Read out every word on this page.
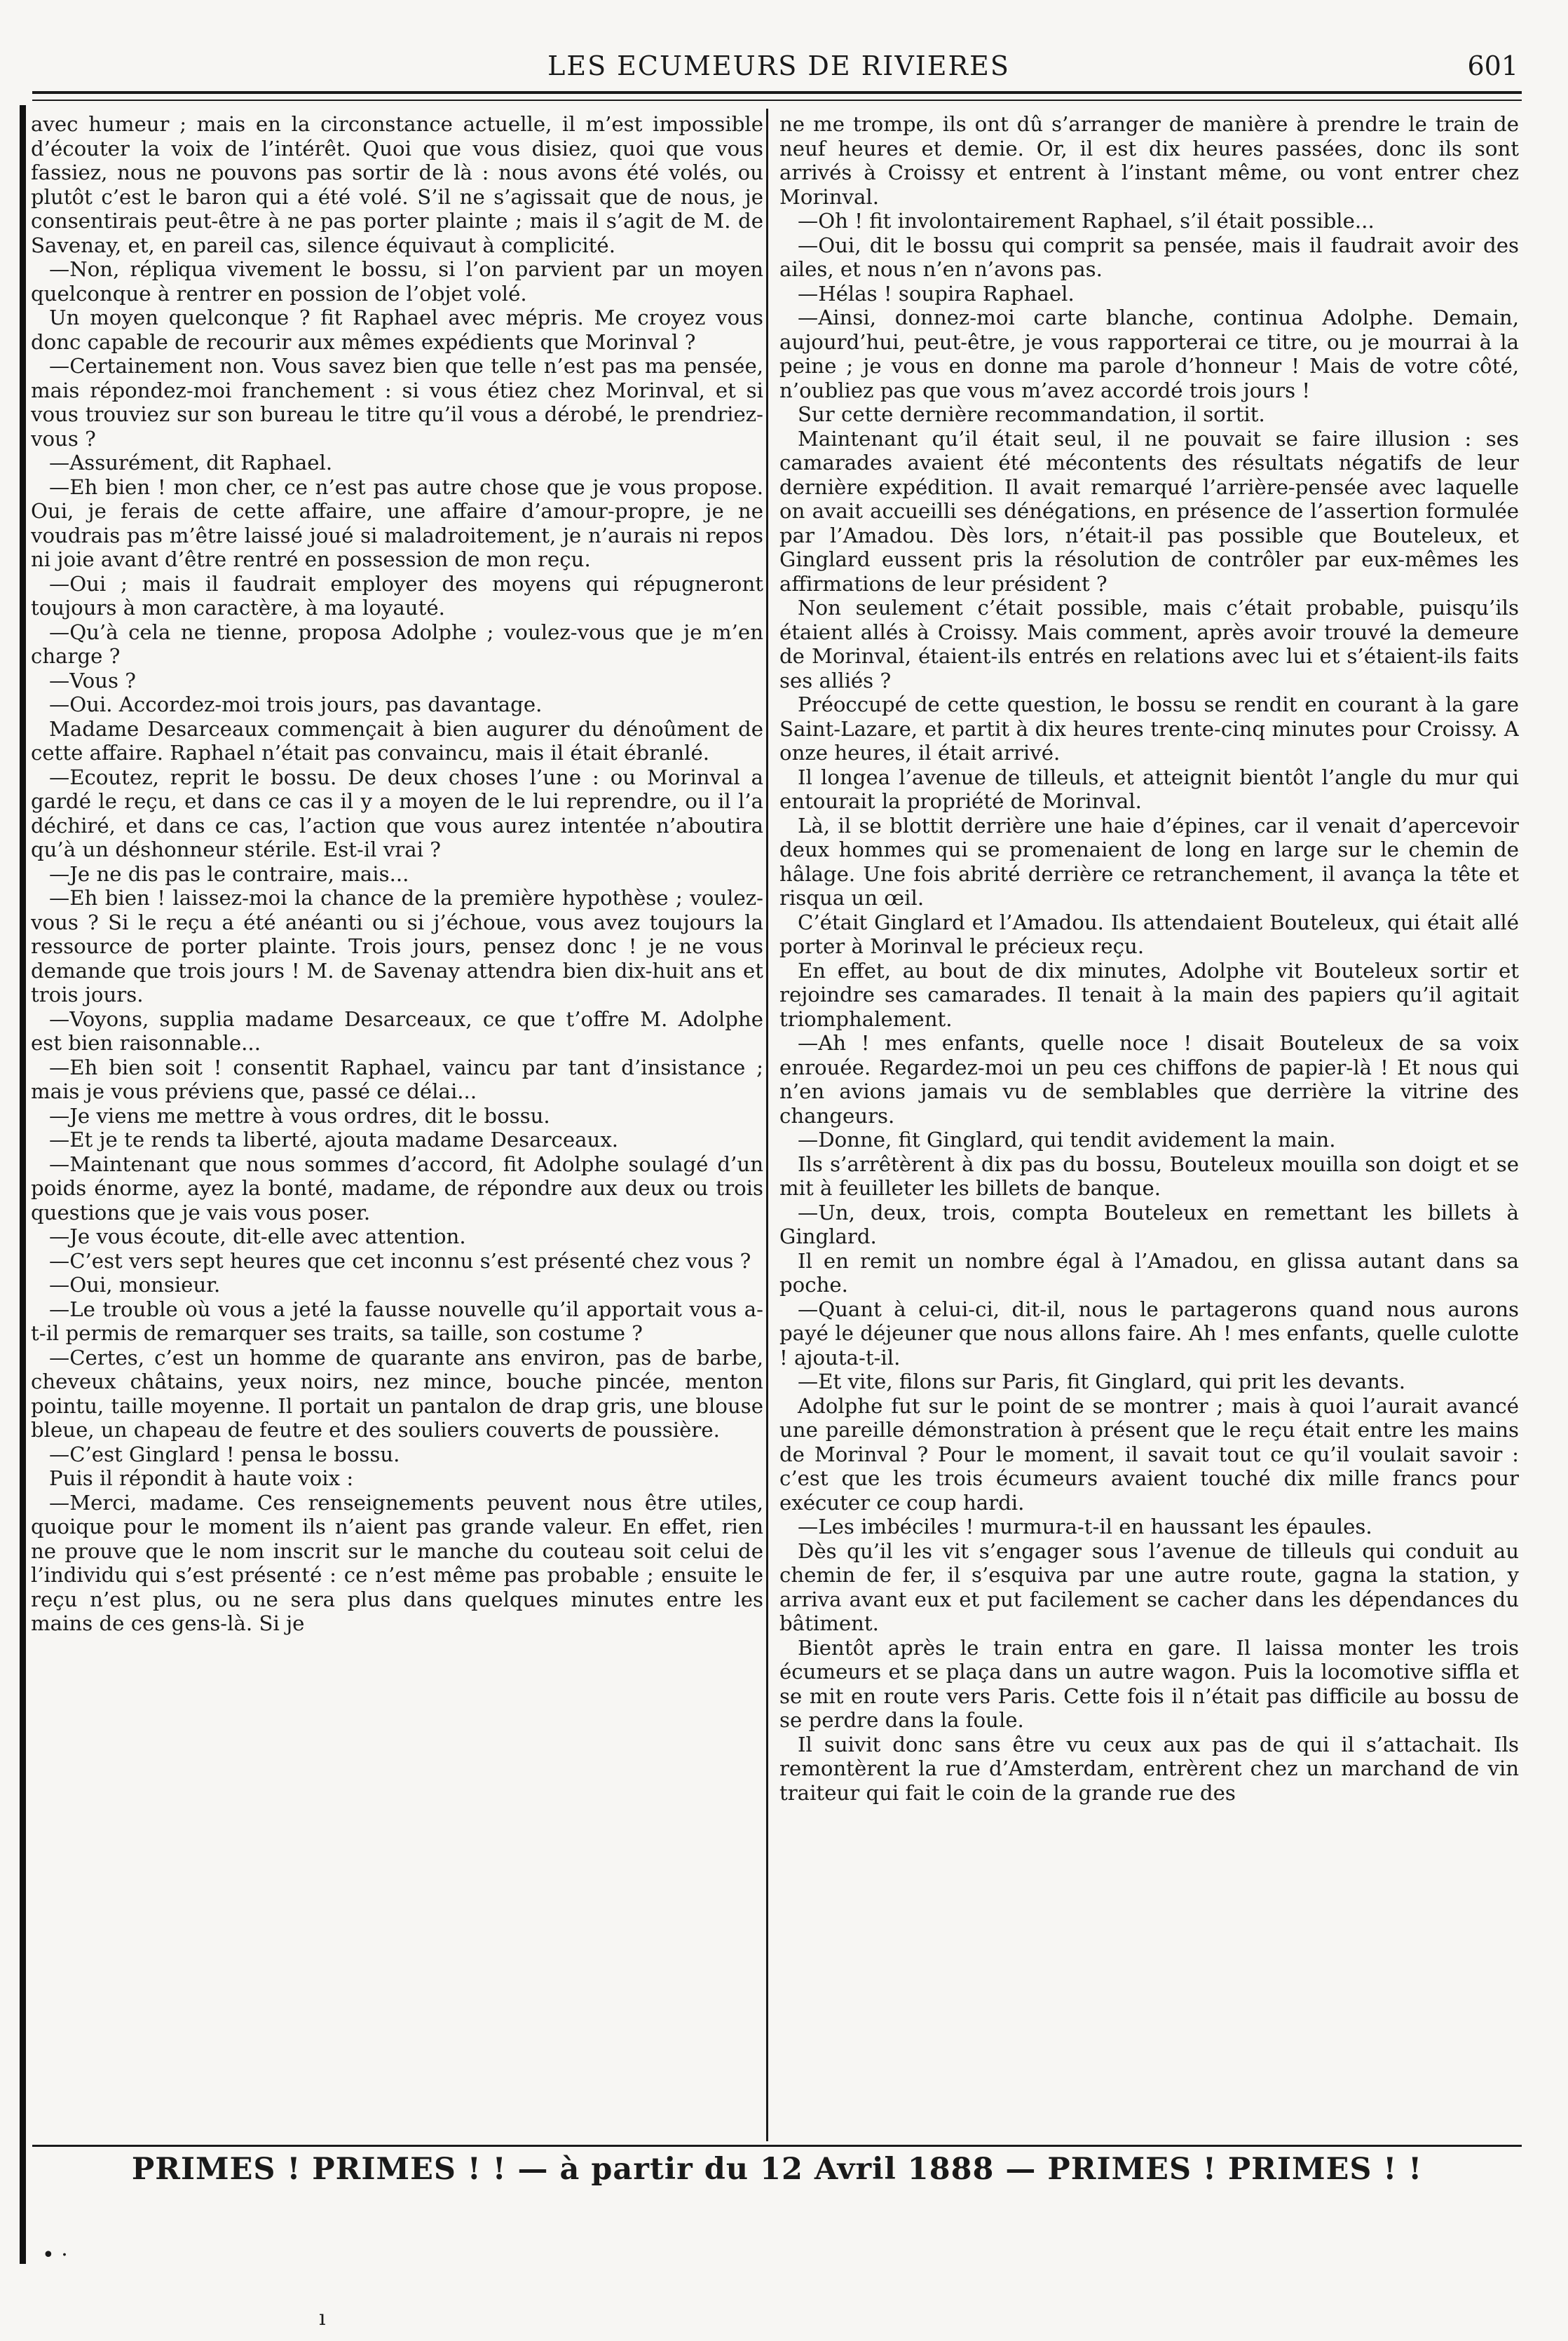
LES ECUMEURS DE RIVIERES	601

avec humeur ; mais en la circonstance actuelle, il m’est impossible d’écouter la voix de l’intérêt. Quoi que vous disiez, quoi que vous fassiez, nous ne pouvons pas sortir de là : nous avons été volés, ou plutôt c’est le baron qui a été volé. S’il ne s’agissait que de nous, je consentirais peut-être à ne pas porter plainte ; mais il s’agit de M. de Savenay, et, en pareil cas, silence équivaut à complicité.

—Non, répliqua vivement le bossu, si l’on parvient par un moyen quelconque à rentrer en possion de l’objet volé.

Un moyen quelconque ? fit Raphael avec mépris. Me croyez vous donc capable de recourir aux mêmes expédients que Morinval ?

—Certainement non. Vous savez bien que telle n’est pas ma pensée, mais répondez-moi franchement : si vous étiez chez Morinval, et si vous trouviez sur son bureau le titre qu’il vous a dérobé, le prendriez-vous ?

—Assurément, dit Raphael.

—Eh bien ! mon cher, ce n’est pas autre chose que je vous propose. Oui, je ferais de cette affaire, une affaire d’amour-propre, je ne voudrais pas m’être laissé joué si maladroitement, je n’aurais ni repos ni joie avant d’être rentré en possession de mon reçu.

—Oui ; mais il faudrait employer des moyens qui répugneront toujours à mon caractère, à ma loyauté.

—Qu’à cela ne tienne, proposa Adolphe ; voulez-vous que je m’en charge ?

—Vous ?

—Oui. Accordez-moi trois jours, pas davantage.

Madame Desarceaux commençait à bien augurer du dénoûment de cette affaire. Raphael n’était pas convaincu, mais il était ébranlé.

—Ecoutez, reprit le bossu. De deux choses l’une : ou Morinval a gardé le reçu, et dans ce cas il y a moyen de le lui reprendre, ou il l’a déchiré, et dans ce cas, l’action que vous aurez intentée n’aboutira qu’à un déshonneur stérile. Est-il vrai ?

—Je ne dis pas le contraire, mais...

—Eh bien ! laissez-moi la chance de la première hypothèse ; voulez-vous ? Si le reçu a été anéanti ou si j’échoue, vous avez toujours la ressource de porter plainte. Trois jours, pensez donc ! je ne vous demande que trois jours ! M. de Savenay attendra bien dix-huit ans et trois jours.

—Voyons, supplia madame Desarceaux, ce que t’offre M. Adolphe est bien raisonnable...

—Eh bien soit ! consentit Raphael, vaincu par tant d’insistance ; mais je vous préviens que, passé ce délai...

—Je viens me mettre à vous ordres, dit le bossu.

—Et je te rends ta liberté, ajouta madame Desarceaux.

—Maintenant que nous sommes d’accord, fit Adolphe soulagé d’un poids énorme, ayez la bonté, madame, de répondre aux deux ou trois questions que je vais vous poser.

—Je vous écoute, dit-elle avec attention.

—C’est vers sept heures que cet inconnu s’est présenté chez vous ?

—Oui, monsieur.

—Le trouble où vous a jeté la fausse nouvelle qu’il apportait vous a-t-il permis de remarquer ses traits, sa taille, son costume ?

—Certes, c’est un homme de quarante ans environ, pas de barbe, cheveux châtains, yeux noirs, nez mince, bouche pincée, menton pointu, taille moyenne. Il portait un pantalon de drap gris, une blouse bleue, un chapeau de feutre et des souliers couverts de poussière.

—C’est Ginglard ! pensa le bossu.

Puis il répondit à haute voix :

—Merci, madame. Ces renseignements peuvent nous être utiles, quoique pour le moment ils n’aient pas grande valeur. En effet, rien ne prouve que le nom inscrit sur le manche du couteau soit celui de l’individu qui s’est présenté : ce n’est même pas probable ; ensuite le reçu n’est plus, ou ne sera plus dans quelques minutes entre les mains de ces gens-là. Si je

ne me trompe, ils ont dû s’arranger de manière à prendre le train de neuf heures et demie. Or, il est dix heures passées, donc ils sont arrivés à Croissy et entrent à l’instant même, ou vont entrer chez Morinval.

—Oh ! fit involontairement Raphael, s’il était possible...

—Oui, dit le bossu qui comprit sa pensée, mais il faudrait avoir des ailes, et nous n’en n’avons pas.

—Hélas ! soupira Raphael.

—Ainsi, donnez-moi carte blanche, continua Adolphe. Demain, aujourd’hui, peut-être, je vous rapporterai ce titre, ou je mourrai à la peine ; je vous en donne ma parole d’honneur ! Mais de votre côté, n’oubliez pas que vous m’avez accordé trois jours !

Sur cette dernière recommandation, il sortit.

Maintenant qu’il était seul, il ne pouvait se faire illusion : ses camarades avaient été mécontents des résultats négatifs de leur dernière expédition. Il avait remarqué l’arrière-pensée avec laquelle on avait accueilli ses dénégations, en présence de l’assertion formulée par l’Amadou. Dès lors, n’était-il pas possible que Bouteleux, et Ginglard eussent pris la résolution de contrôler par eux-mêmes les affirmations de leur président ?

Non seulement c’était possible, mais c’était probable, puisqu’ils étaient allés à Croissy. Mais comment, après avoir trouvé la demeure de Morinval, étaient-ils entrés en relations avec lui et s’étaient-ils faits ses alliés ?

Préoccupé de cette question, le bossu se rendit en courant à la gare Saint-Lazare, et partit à dix heures trente-cinq minutes pour Croissy. A onze heures, il était arrivé.

Il longea l’avenue de tilleuls, et atteignit bientôt l’angle du mur qui entourait la propriété de Morinval.

Là, il se blottit derrière une haie d’épines, car il venait d’apercevoir deux hommes qui se promenaient de long en large sur le chemin de hâlage. Une fois abrité derrière ce retranchement, il avança la tête et risqua un œil.

C’était Ginglard et l’Amadou. Ils attendaient Bouteleux, qui était allé porter à Morinval le précieux reçu.

En effet, au bout de dix minutes, Adolphe vit Bouteleux sortir et rejoindre ses camarades. Il tenait à la main des papiers qu’il agitait triomphalement.

—Ah ! mes enfants, quelle noce ! disait Bouteleux de sa voix enrouée. Regardez-moi un peu ces chiffons de papier-là ! Et nous qui n’en avions jamais vu de semblables que derrière la vitrine des changeurs.

—Donne, fit Ginglard, qui tendit avidement la main.

Ils s’arrêtèrent à dix pas du bossu, Bouteleux mouilla son doigt et se mit à feuilleter les billets de banque.

—Un, deux, trois, compta Bouteleux en remettant les billets à Ginglard.

Il en remit un nombre égal à l’Amadou, en glissa autant dans sa poche.

—Quant à celui-ci, dit-il, nous le partagerons quand nous aurons payé le déjeuner que nous allons faire. Ah ! mes enfants, quelle culotte ! ajouta-t-il.

—Et vite, filons sur Paris, fit Ginglard, qui prit les devants.

Adolphe fut sur le point de se montrer ; mais à quoi l’aurait avancé une pareille démonstration à présent que le reçu était entre les mains de Morinval ? Pour le moment, il savait tout ce qu’il voulait savoir : c’est que les trois écumeurs avaient touché dix mille francs pour exécuter ce coup hardi.

—Les imbéciles ! murmura-t-il en haussant les épaules.

Dès qu’il les vit s’engager sous l’avenue de tilleuls qui conduit au chemin de fer, il s’esquiva par une autre route, gagna la station, y arriva avant eux et put facilement se cacher dans les dépendances du bâtiment.

Bientôt après le train entra en gare. Il laissa monter les trois écumeurs et se plaça dans un autre wagon. Puis la locomotive siffla et se mit en route vers Paris. Cette fois il n’était pas difficile au bossu de se perdre dans la foule.

Il suivit donc sans être vu ceux aux pas de qui il s’attachait. Ils remontèrent la rue d’Amsterdam, entrèrent chez un marchand de vin traiteur qui fait le coin de la grande rue des

PRIMES ! PRIMES ! ! — à partir du 12 Avril 1888 — PRIMES ! PRIMES ! !
• ·
ı
